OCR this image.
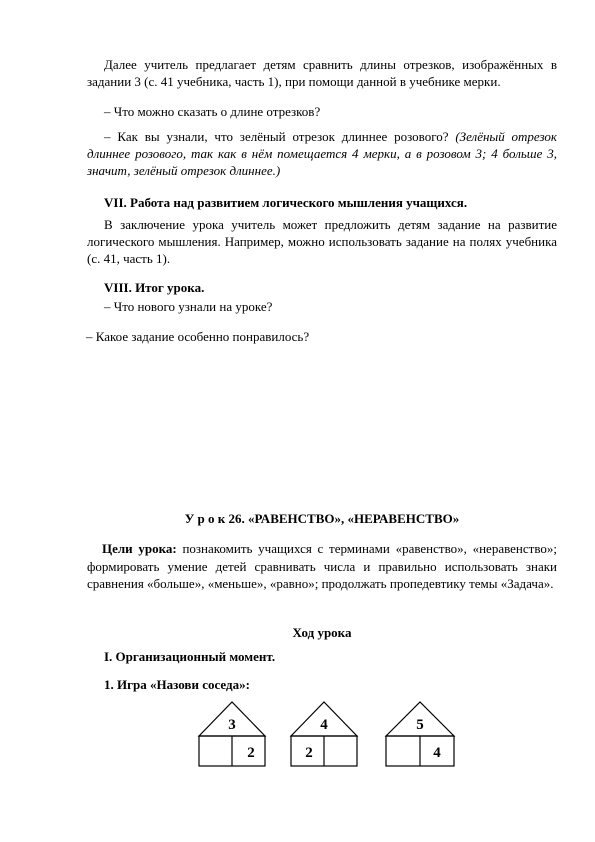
Далее учитель предлагает детям сравнить длины отрезков, изображённых в задании 3 (с. 41 учебника, часть 1), при помощи данной в учебнике мерки.

– Что можно сказать о длине отрезков?

– Как вы узнали, что зелёный отрезок длиннее розового? (Зелёный отрезок длиннее розового, так как в нём помещается 4 мерки, а в розовом 3; 4 больше 3, значит, зелёный отрезок длиннее.)

VII. Работа над развитием логического мышления учащихся.

В заключение урока учитель может предложить детям задание на развитие логического мышления. Например, можно использовать задание на полях учебника (с. 41, часть 1).

VIII. Итог урока.

– Что нового узнали на уроке?

– Какое задание особенно понравилось?

У р о к 26. «РАВЕНСТВО», «НЕРАВЕНСТВО»

Цели урока: познакомить учащихся с терминами «равенство», «неравенство»; формировать умение детей сравнивать числа и правильно использовать знаки сравнения «больше», «меньше», «равно»; продолжать пропедевтику темы «Задача».

Ход урока

I. Организационный момент.

1. Игра «Назови соседа»:

3
2
4
2
5
4
